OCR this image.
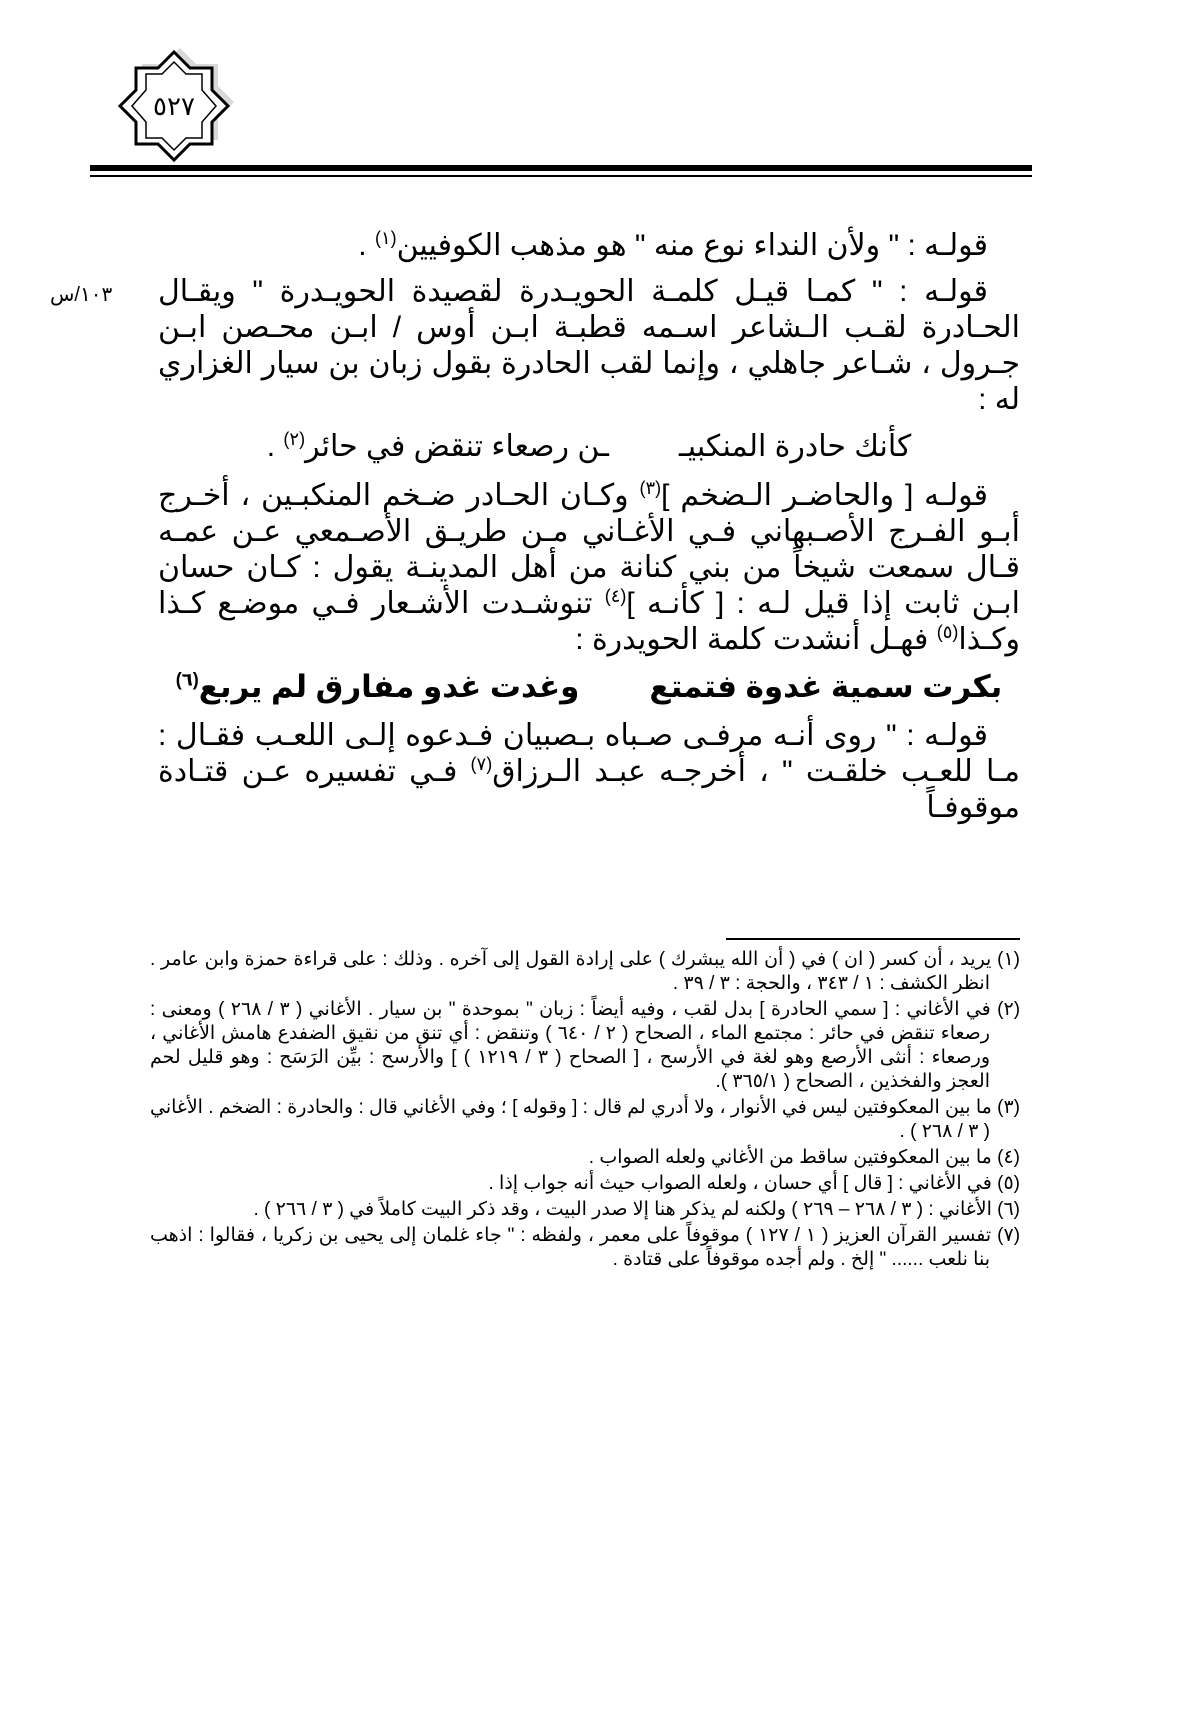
٥٢٧
١٠٣/س

قولـه : " ولأن النداء نوع منه " هو مذهب الكوفيين$^{(١)}$ .

قولـه : " كمـا قيـل كلمـة الحويـدرة لقصيدة الحويـدرة " ويقـال الحـادرة لقـب الـشاعر اسـمه قطبـة ابـن أوس / ابـن محـصن ابـن جـرول ، شـاعر جاهلي ، وإنما لقب الحادرة بقول زبان بن سيار الغزاري له :

كأنك حادرة المنكبيـ
ـن رصعاء تنقض في حائر$^{(٢)}$ .

قولـه [ والحاضـر الـضخم ]$^{(٣)}$ وكـان الحـادر ضـخم المنكبـين ، أخـرج أبـو الفـرج الأصـبهاني فـي الأغـاني مـن طريـق الأصـمعي عـن عمـه قـال سمعت شيخاً من بني كنانة من أهل المدينـة يقول : كـان حسان ابـن ثابت إذا قيل لـه : [ كأنـه ]$^{(٤)}$ تنوشـدت الأشـعار فـي موضـع كـذا وكـذا$^{(٥)}$ فهـل أنشدت كلمة الحويدرة :

بكرت سمية غدوة فتمتع
وغدت غدو مفارق لم يربع$^{(٦)}$

قولـه : " روى أنـه مرفـى صـباه بـصبيان فـدعوه إلـى اللعـب فقـال : مـا للعـب خلقـت " ، أخرجـه عبـد الـرزاق$^{(٧)}$ فـي تفسيره عـن قتـادة موقوفـاً

(١) يريد ، أن كسر ( ان ) في ( أن الله يبشرك ) على إرادة القول إلى آخره . وذلك : على قراءة حمزة وابن عامر . انظر الكشف : ١ / ٣٤٣ ، والحجة : ٣ / ٣٩ .

(٢) في الأغاني : [ سمي الحادرة ] بدل لقب ، وفيه أيضاً : زبان " بموحدة " بن سيار . الأغاني ( ٣ / ٢٦٨ ) ومعنى : رصعاء تنقض في حائر : مجتمع الماء ، الصحاح ( ٢ / ٦٤٠ ) وتنقض : أي تنق من نقيق الضفدع هامش الأغاني ، ورصعاء : أنثى الأرصع وهو لغة في الأرسح ، [ الصحاح ( ٣ / ١٢١٩ ) ] والأرسح : بيِّن الرَسَح : وهو قليل لحم العجز والفخذين ، الصحاح ( ٣٦٥/١ ).

(٣) ما بين المعكوفتين ليس في الأنوار ، ولا أدري لم قال : [ وقوله ] ؛ وفي الأغاني قال : والحادرة : الضخم . الأغاني ( ٣ / ٢٦٨ ) .

(٤) ما بين المعكوفتين ساقط من الأغاني ولعله الصواب .

(٥) في الأغاني : [ قال ] أي حسان ، ولعله الصواب حيث أنه جواب إذا .

(٦) الأغاني : ( ٣ / ٢٦٨ – ٢٦٩ ) ولكنه لم يذكر هنا إلا صدر البيت ، وقد ذكر البيت كاملاً في ( ٣ / ٢٦٦ ) .

(٧) تفسير القرآن العزيز ( ١ / ١٢٧ ) موقوفاً على معمر ، ولفظه : " جاء غلمان إلى يحيى بن زكريا ، فقالوا : اذهب بنا نلعب ...... " إلخ . ولم أجده موقوفاً على قتادة .
